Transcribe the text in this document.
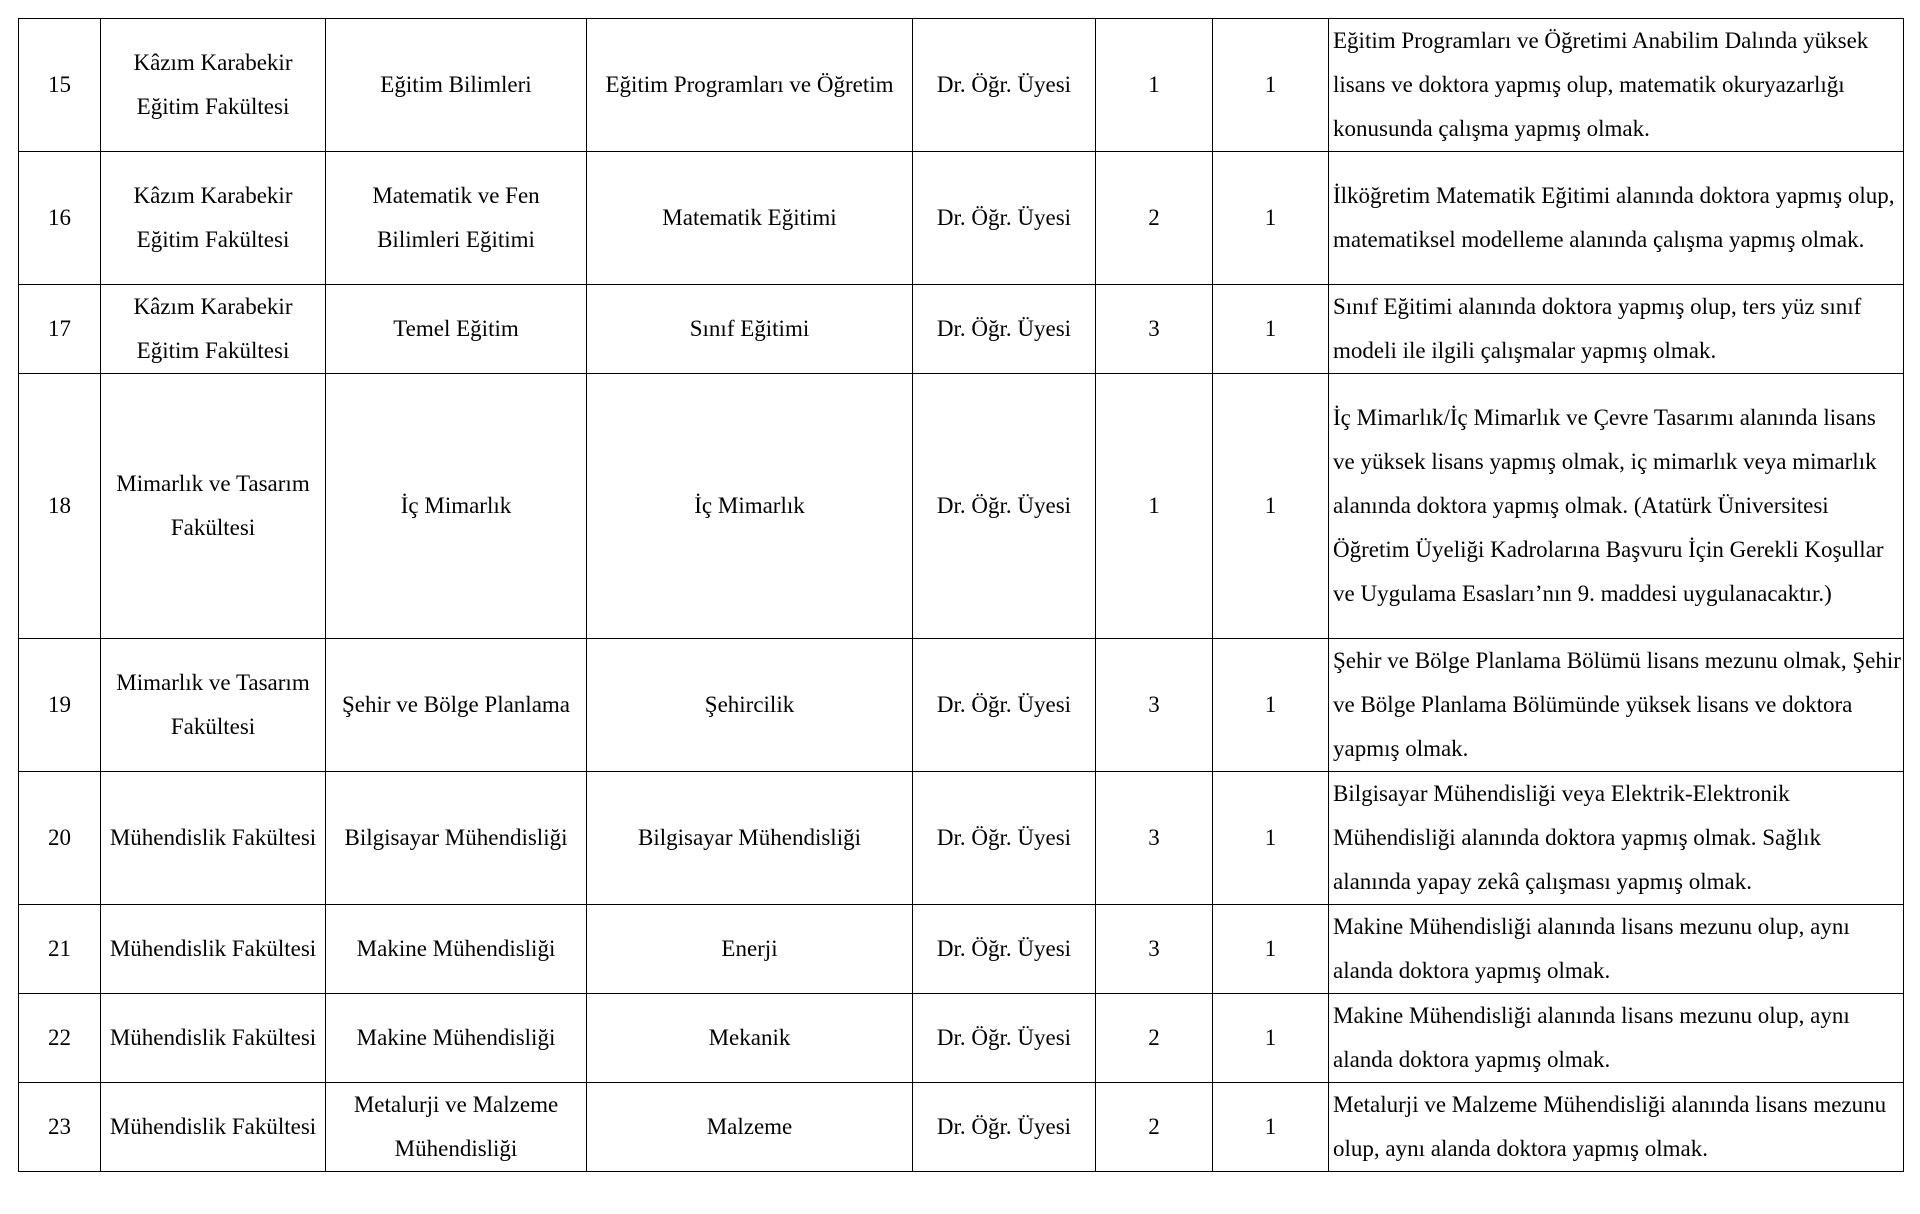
15	Kâzım Karabekir Eğitim Fakültesi	Eğitim Bilimleri	Eğitim Programları ve Öğretim	Dr. Öğr. Üyesi	1	1	Eğitim Programları ve Öğretimi Anabilim Dalında yüksek lisans ve doktora yapmış olup, matematik okuryazarlığı konusunda çalışma yapmış olmak.
16	Kâzım Karabekir Eğitim Fakültesi	Matematik ve Fen Bilimleri Eğitimi	Matematik Eğitimi	Dr. Öğr. Üyesi	2	1	İlköğretim Matematik Eğitimi alanında doktora yapmış olup, matematiksel modelleme alanında çalışma yapmış olmak.
17	Kâzım Karabekir Eğitim Fakültesi	Temel Eğitim	Sınıf Eğitimi	Dr. Öğr. Üyesi	3	1	Sınıf Eğitimi alanında doktora yapmış olup, ters yüz sınıf modeli ile ilgili çalışmalar yapmış olmak.
18	Mimarlık ve Tasarım Fakültesi	İç Mimarlık	İç Mimarlık	Dr. Öğr. Üyesi	1	1	İç Mimarlık/İç Mimarlık ve Çevre Tasarımı alanında lisans ve yüksek lisans yapmış olmak, iç mimarlık veya mimarlık alanında doktora yapmış olmak. (Atatürk Üniversitesi Öğretim Üyeliği Kadrolarına Başvuru İçin Gerekli Koşullar ve Uygulama Esasları’nın 9. maddesi uygulanacaktır.)
19	Mimarlık ve Tasarım Fakültesi	Şehir ve Bölge Planlama	Şehircilik	Dr. Öğr. Üyesi	3	1	Şehir ve Bölge Planlama Bölümü lisans mezunu olmak, Şehir ve Bölge Planlama Bölümünde yüksek lisans ve doktora yapmış olmak.
20	Mühendislik Fakültesi	Bilgisayar Mühendisliği	Bilgisayar Mühendisliği	Dr. Öğr. Üyesi	3	1	Bilgisayar Mühendisliği veya Elektrik-Elektronik Mühendisliği alanında doktora yapmış olmak. Sağlık alanında yapay zekâ çalışması yapmış olmak.
21	Mühendislik Fakültesi	Makine Mühendisliği	Enerji	Dr. Öğr. Üyesi	3	1	Makine Mühendisliği alanında lisans mezunu olup, aynı alanda doktora yapmış olmak.
22	Mühendislik Fakültesi	Makine Mühendisliği	Mekanik	Dr. Öğr. Üyesi	2	1	Makine Mühendisliği alanında lisans mezunu olup, aynı alanda doktora yapmış olmak.
23	Mühendislik Fakültesi	Metalurji ve Malzeme Mühendisliği	Malzeme	Dr. Öğr. Üyesi	2	1	Metalurji ve Malzeme Mühendisliği alanında lisans mezunu olup, aynı alanda doktora yapmış olmak.
